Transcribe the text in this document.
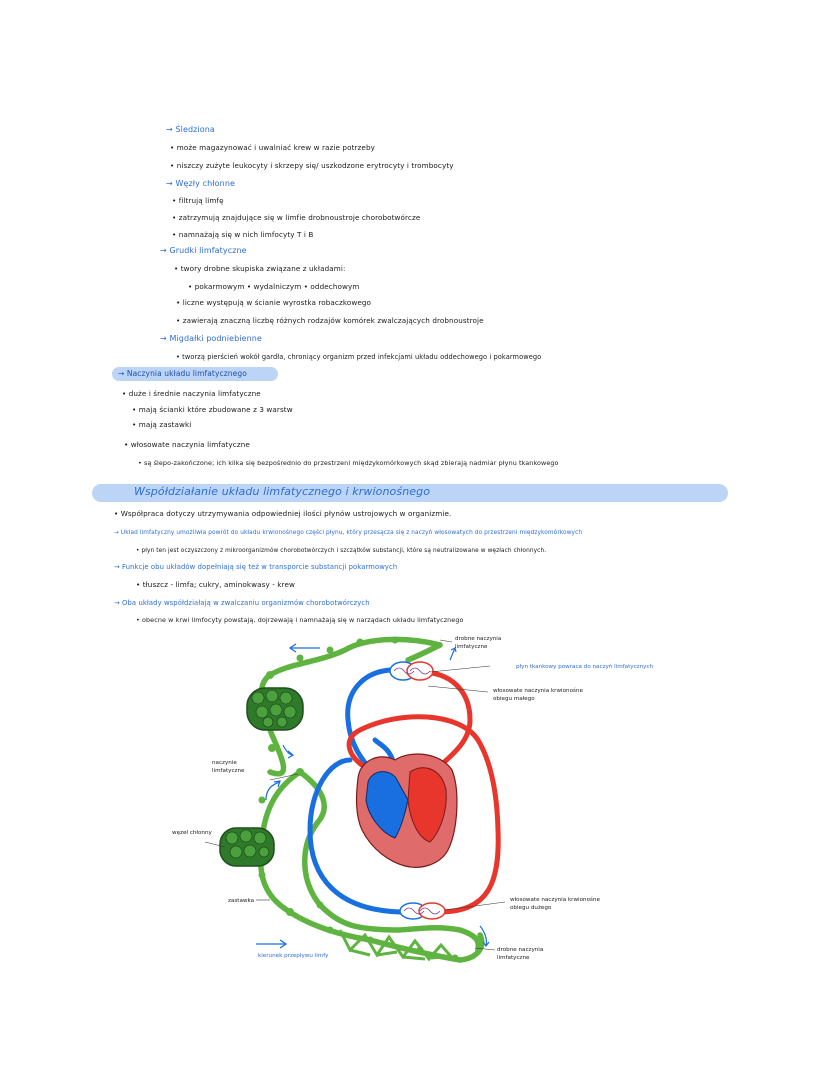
→ Śledziona
• może magazynować i uwalniać krew w razie potrzeby
• niszczy zużyte leukocyty i skrzepy się/ uszkodzone erytrocyty i trombocyty
→ Węzły chłonne
• filtrują limfę
• zatrzymują znajdujące się w limfie drobnoustroje chorobotwórcze
• namnażają się w nich limfocyty T i B
→ Grudki limfatyczne
• twory drobne skupiska związane z układami:
• pokarmowym • wydalniczym • oddechowym
• liczne występują w ścianie wyrostka robaczkowego
• zawierają znaczną liczbę różnych rodzajów komórek zwalczających drobnoustroje
→ Migdałki podniebienne
• tworzą pierścień wokół gardła, chroniący organizm przed infekcjami układu oddechowego i pokarmowego
→ Naczynia układu limfatycznego
• duże i średnie naczynia limfatyczne
• mają ścianki które zbudowane z 3 warstw
• mają zastawki
• włosowate naczynia limfatyczne
• są ślepo-zakończone; ich kilka się bezpośrednio do przestrzeni międzykomórkowych skąd zbierają nadmiar płynu tkankowego
Współdziałanie układu limfatycznego i krwionośnego
• Współpraca dotyczy utrzymywania odpowiedniej ilości płynów ustrojowych w organizmie.
→ Układ limfatyczny umożliwia powrót do układu krwionośnego części płynu, który przesącza się z naczyń włosowatych do przestrzeni międzykomórkowych
• płyn ten jest oczyszczony z mikroorganizmów chorobotwórczych i szczątków substancji, które są neutralizowane w węzłach chłonnych.
→ Funkcje obu układów dopełniają się też w transporcie substancji pokarmowych
• tłuszcz - limfa; cukry, aminokwasy - krew
→ Oba układy współdziałają w zwalczaniu organizmów chorobotwórczych
• obecne w krwi limfocyty powstają, dojrzewają i namnażają się w narządach układu limfatycznego
drobne naczynia limfatyczne
płyn tkankowy powraca do naczyń limfatycznych
włosowate naczynia krwionośne obiegu małego
naczynie limfatyczne
węzeł chłonny
zastawka	włosowate naczynia krwionośne obiegu dużego
drobne naczynia limfatyczne
kierunek przepływu limfy
